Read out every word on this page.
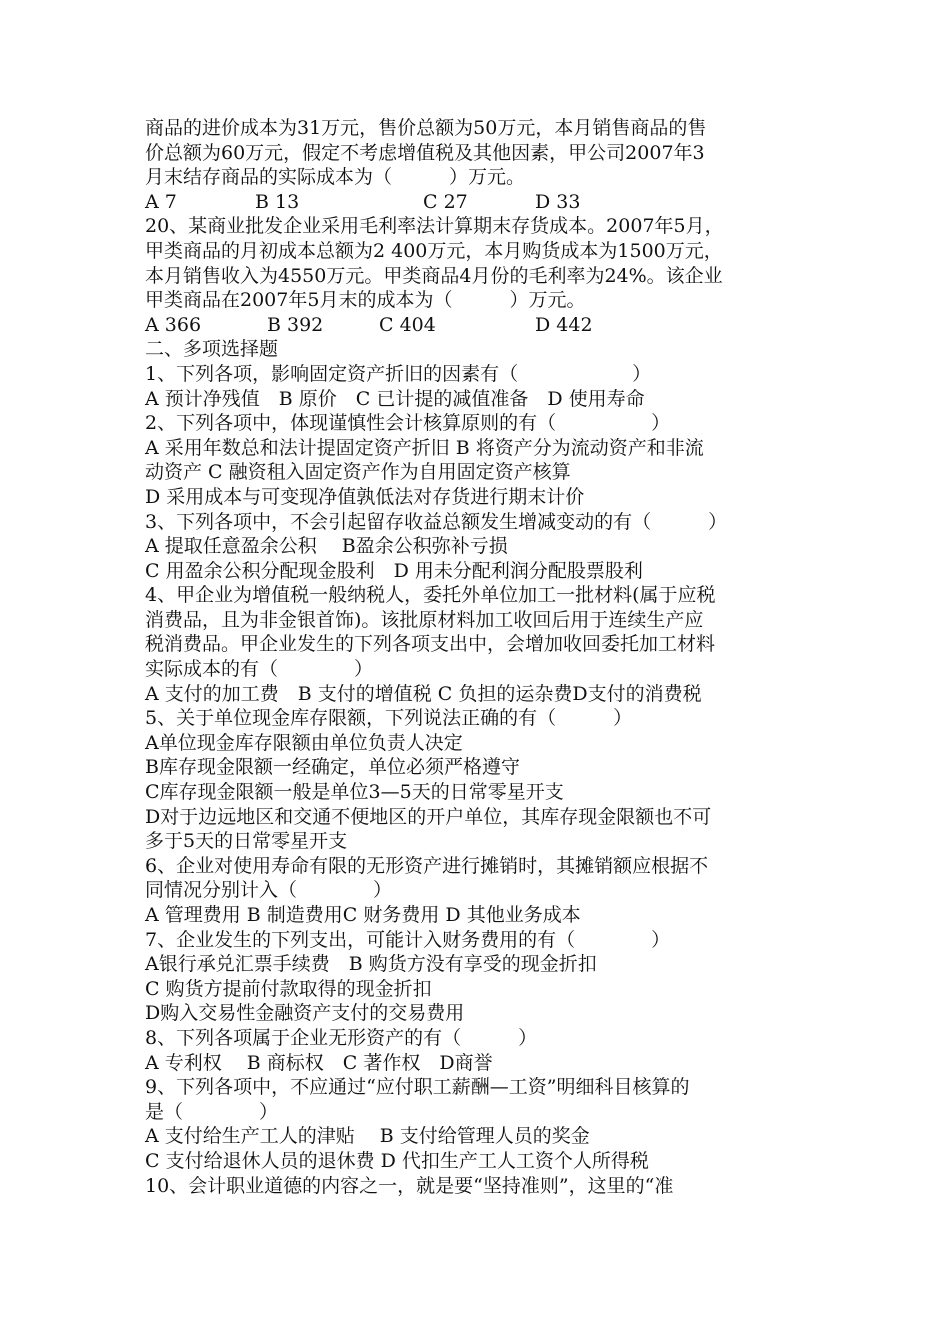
商品的进价成本为31万元，售价总额为50万元，本月销售商品的售
价总额为60万元，假定不考虑增值税及其他因素，甲公司2007年3
月末结存商品的实际成本为（　　　）万元。

A 7

	B 13

	C 27

	D 33

20、某商业批发企业采用毛利率法计算期末存货成本。2007年5月，
甲类商品的月初成本总额为2 400万元，本月购货成本为1500万元，
本月销售收入为4550万元。甲类商品4月份的毛利率为24%。该企业
甲类商品在2007年5月末的成本为（　　　）万元。

A 366

	B 392

	C 404

	D 442

二、多项选择题
1、下列各项，影响固定资产折旧的因素有（　　　　　　）
A 预计净残值　B 原价　C 已计提的减值准备　D 使用寿命
2、下列各项中，体现谨慎性会计核算原则的有（　　　　　）
A 采用年数总和法计提固定资产折旧 B 将资产分为流动资产和非流
动资产 C 融资租入固定资产作为自用固定资产核算
D 采用成本与可变现净值孰低法对存货进行期末计价
3、下列各项中，不会引起留存收益总额发生增减变动的有（　　　）
A 提取任意盈余公积　 B盈余公积弥补亏损
C 用盈余公积分配现金股利　D 用未分配利润分配股票股利
4、甲企业为增值税一般纳税人，委托外单位加工一批材料(属于应税
消费品，且为非金银首饰)。该批原材料加工收回后用于连续生产应
税消费品。甲企业发生的下列各项支出中，会增加收回委托加工材料
实际成本的有（　　　　）
A 支付的加工费　B 支付的增值税 C 负担的运杂费D支付的消费税
5、关于单位现金库存限额，下列说法正确的有（　　　）
A单位现金库存限额由单位负责人决定
B库存现金限额一经确定，单位必须严格遵守
C库存现金限额一般是单位3—5天的日常零星开支
D对于边远地区和交通不便地区的开户单位，其库存现金限额也不可
多于5天的日常零星开支
6、企业对使用寿命有限的无形资产进行摊销时，其摊销额应根据不
同情况分别计入（　　　　）
A 管理费用 B 制造费用C 财务费用 D 其他业务成本
7、企业发生的下列支出，可能计入财务费用的有（　　　　）
A银行承兑汇票手续费　B 购货方没有享受的现金折扣
C 购货方提前付款取得的现金折扣
D购入交易性金融资产支付的交易费用
8、下列各项属于企业无形资产的有（　　　）
A 专利权　 B 商标权　C 著作权　D商誉
9、下列各项中，不应通过“应付职工薪酬—工资”明细科目核算的
是（　　　　）
A 支付给生产工人的津贴　 B 支付给管理人员的奖金
C 支付给退休人员的退休费 D 代扣生产工人工资个人所得税
10、会计职业道德的内容之一，就是要“坚持准则”，这里的“准
